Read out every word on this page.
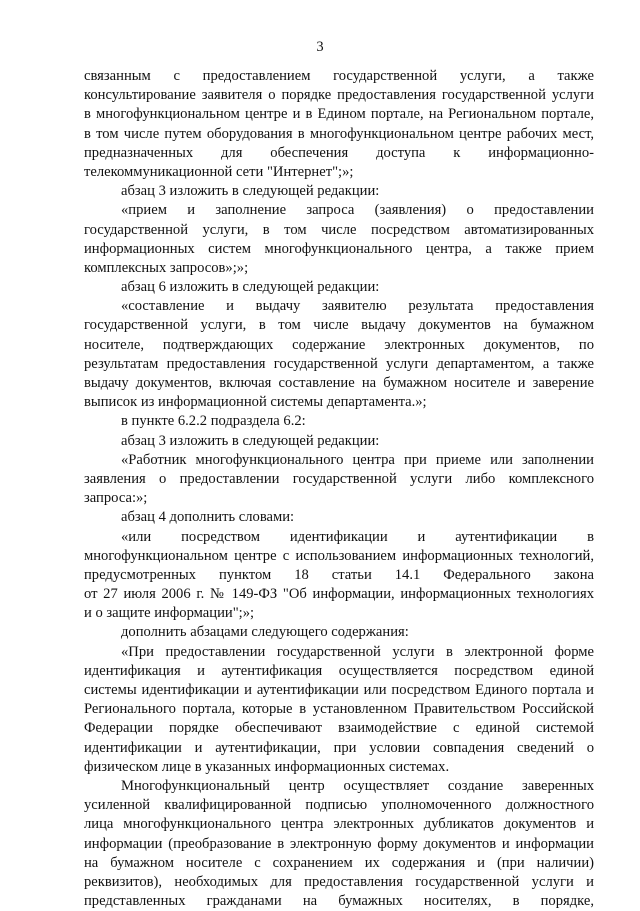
3
связанным с предоставлением государственной услуги, а также
консультирование заявителя о порядке предоставления государственной услуги
в многофункциональном центре и в Едином портале, на Региональном портале,
в том числе путем оборудования в многофункциональном центре рабочих мест,
предназначенных для обеспечения доступа к информационно-
телекоммуникационной сети "Интернет";»;
абзац 3 изложить в следующей редакции:
«прием и заполнение запроса (заявления) о предоставлении
государственной услуги, в том числе посредством автоматизированных
информационных систем многофункционального центра, а также прием
комплексных запросов»;»;
абзац 6 изложить в следующей редакции:
«составление и выдачу заявителю результата предоставления
государственной услуги, в том числе выдачу документов на бумажном
носителе, подтверждающих содержание электронных документов, по
результатам предоставления государственной услуги департаментом, а также
выдачу документов, включая составление на бумажном носителе и заверение
выписок из информационной системы департамента.»;
в пункте 6.2.2 подраздела 6.2:
абзац 3 изложить в следующей редакции:
«Работник многофункционального центра при приеме или заполнении
заявления о предоставлении государственной услуги либо комплексного
запроса:»;
абзац 4 дополнить словами:
«или посредством идентификации и аутентификации в
многофункциональном центре с использованием информационных технологий,
предусмотренных пунктом 18 статьи 14.1 Федерального закона
от 27 июля 2006 г. № 149-ФЗ "Об информации, информационных технологиях
и о защите информации";»;
дополнить абзацами следующего содержания:
«При предоставлении государственной услуги в электронной форме
идентификация и аутентификация осуществляется посредством единой
системы идентификации и аутентификации или посредством Единого портала и
Регионального портала, которые в установленном Правительством Российской
Федерации порядке обеспечивают взаимодействие с единой системой
идентификации и аутентификации, при условии совпадения сведений о
физическом лице в указанных информационных системах.
Многофункциональный центр осуществляет создание заверенных
усиленной квалифицированной подписью уполномоченного должностного
лица многофункционального центра электронных дубликатов документов и
информации (преобразование в электронную форму документов и информации
на бумажном носителе с сохранением их содержания и (при наличии)
реквизитов), необходимых для предоставления государственной услуги и
представленных гражданами на бумажных носителях, в порядке,
